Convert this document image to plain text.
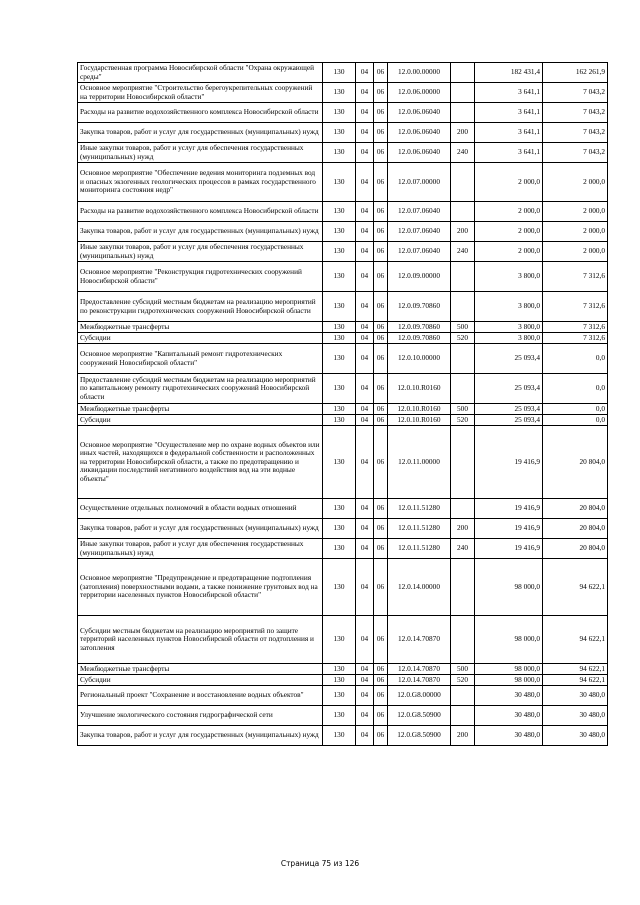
Государственная программа Новосибирской области "Охрана окружающей среды"	130	04	06	12.0.00.00000		182 431,4	162 261,9
Основное мероприятие "Строительство берегоукрепительных сооружений на территории Новосибирской области"	130	04	06	12.0.06.00000		3 641,1	7 043,2
Расходы на развитие водохозяйственного комплекса Новосибирской области	130	04	06	12.0.06.06040		3 641,1	7 043,2
Закупка товаров, работ и услуг для государственных (муниципальных) нужд	130	04	06	12.0.06.06040	200	3 641,1	7 043,2
Иные закупки товаров, работ и услуг для обеспечения государственных (муниципальных) нужд	130	04	06	12.0.06.06040	240	3 641,1	7 043,2
Основное мероприятие "Обеспечение ведения мониторинга подземных вод и опасных экзогенных геологических процессов в рамках государственного мониторинга состояния недр"	130	04	06	12.0.07.00000		2 000,0	2 000,0
Расходы на развитие водохозяйственного комплекса Новосибирской области	130	04	06	12.0.07.06040		2 000,0	2 000,0
Закупка товаров, работ и услуг для государственных (муниципальных) нужд	130	04	06	12.0.07.06040	200	2 000,0	2 000,0
Иные закупки товаров, работ и услуг для обеспечения государственных (муниципальных) нужд	130	04	06	12.0.07.06040	240	2 000,0	2 000,0
Основное мероприятие "Реконструкция гидротехнических сооружений Новосибирской области"	130	04	06	12.0.09.00000		3 800,0	7 312,6
Предоставление субсидий местным бюджетам на реализацию мероприятий по реконструкции гидротехнических сооружений Новосибирской области	130	04	06	12.0.09.70860		3 800,0	7 312,6
Межбюджетные трансферты	130	04	06	12.0.09.70860	500	3 800,0	7 312,6
Субсидии	130	04	06	12.0.09.70860	520	3 800,0	7 312,6
Основное мероприятие "Капитальный ремонт гидротехнических сооружений Новосибирской области"	130	04	06	12.0.10.00000		25 093,4	0,0
Предоставление субсидий местным бюджетам на реализацию мероприятий по капитальному ремонту гидротехнических сооружений Новосибирской области	130	04	06	12.0.10.R0160		25 093,4	0,0
Межбюджетные трансферты	130	04	06	12.0.10.R0160	500	25 093,4	0,0
Субсидии	130	04	06	12.0.10.R0160	520	25 093,4	0,0
Основное мероприятие "Осуществление мер по охране водных объектов или иных частей, находящихся в федеральной собственности и расположенных на территории Новосибирской области, а также по предотвращению и ликвидации последствий негативного воздействия вод на эти водные объекты"	130	04	06	12.0.11.00000		19 416,9	20 804,0
Осуществление отдельных полномочий в области водных отношений	130	04	06	12.0.11.51280		19 416,9	20 804,0
Закупка товаров, работ и услуг для государственных (муниципальных) нужд	130	04	06	12.0.11.51280	200	19 416,9	20 804,0
Иные закупки товаров, работ и услуг для обеспечения государственных (муниципальных) нужд	130	04	06	12.0.11.51280	240	19 416,9	20 804,0
Основное мероприятие "Предупреждение и предотвращение подтопления (затопления) поверхностными водами, а также понижение грунтовых вод на территории населенных пунктов Новосибирской области"	130	04	06	12.0.14.00000		98 000,0	94 622,1
Субсидии местным бюджетам на реализацию мероприятий по защите территорий населенных пунктов Новосибирской области от подтопления и затопления	130	04	06	12.0.14.70870		98 000,0	94 622,1
Межбюджетные трансферты	130	04	06	12.0.14.70870	500	98 000,0	94 622,1
Субсидии	130	04	06	12.0.14.70870	520	98 000,0	94 622,1
Региональный проект "Сохранение и восстановление водных объектов"	130	04	06	12.0.G8.00000		30 480,0	30 480,0
Улучшение экологического состояния гидрографической сети	130	04	06	12.0.G8.50900		30 480,0	30 480,0
Закупка товаров, работ и услуг для государственных (муниципальных) нужд	130	04	06	12.0.G8.50900	200	30 480,0	30 480,0
Страница 75 из 126
